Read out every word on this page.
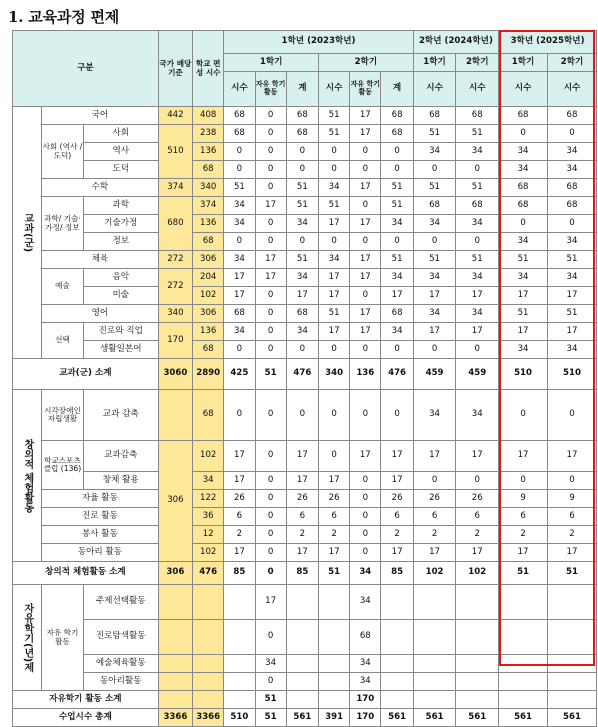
1. 교육과정 편제
구분			국가 배당 기준	학교 편성 시수	1학년 (2023학년)						2학년 (2024학년)		3학년 (2025학년)	
					1학기			2학기			1학기	2학기	1학기	2학기
					시수	자유 학기 활동	계	시수	자유 학기 활동	계	시수	시수	시수	시수
교과(군)	국어		442	408	68	0	68	51	17	68	68	68	68	68
	사회 (역사 /도덕)	사회	510	238	68	0	68	51	17	68	51	51	0	0
		역사		136	0	0	0	0	0	0	34	34	34	34
		도덕		68	0	0	0	0	0	0	0	0	34	34
	수학		374	340	51	0	51	34	17	51	51	51	68	68
	과학/ 기술· 가정/ 정보	과학	680	374	34	17	51	51	0	51	68	68	68	68
		기술가정		136	34	0	34	17	17	34	34	34	0	0
		정보		68	0	0	0	0	0	0	0	0	34	34
	체육		272	306	34	17	51	34	17	51	51	51	51	51
	예술	음악	272	204	17	17	34	17	17	34	34	34	34	34
		미술		102	17	0	17	17	0	17	17	17	17	17
	영어		340	306	68	0	68	51	17	68	34	34	51	51
	선택	진로와 직업	170	136	34	0	34	17	17	34	17	17	17	17
		생활일본어		68	0	0	0	0	0	0	0	0	34	34
교과(군) 소계			3060	2890	425	51	476	340	136	476	459	459	510	510
창의적 체험활동	시각장애인자립생활	교과 감축		68	0	0	0	0	0	0	34	34	0	0
	학교스포츠클럽 (136)	교과감축	306	102	17	0	17	0	17	17	17	17	17	17
		창체 활용		34	17	0	17	17	0	17	0	0	0	0
	자율 활동			122	26	0	26	26	0	26	26	26	9	9
	진로 활동			36	6	0	6	6	0	6	6	6	6	6
	봉사 활동			12	2	0	2	2	0	2	2	2	2	2
	동아리 활동			102	17	0	17	17	0	17	17	17	17	17
창의적 체험활동 소계			306	476	85	0	85	51	34	85	102	102	51	51
자유학기(년)제	자유 학기 활동	주제선택활동				17			34					
		진로탐색활동				0			68					
		예술체육활동				34			34					
		동아리활동				0			34					
자유학기 활동 소계						51			170					
수업시수 총계			3366	3366	510	51	561	391	170	561	561	561	561	561
